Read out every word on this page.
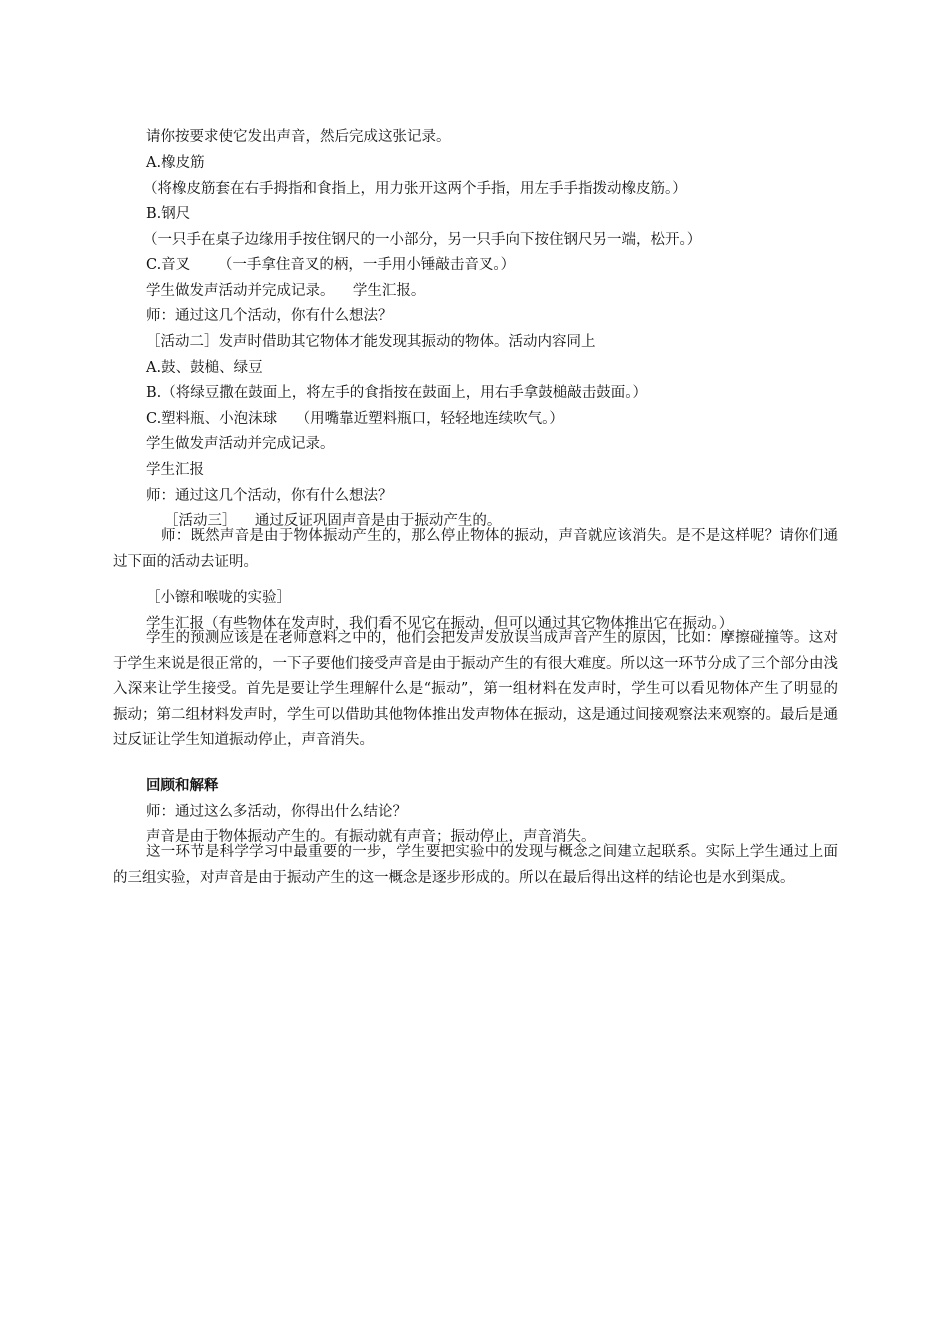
请你按要求使它发出声音，然后完成这张记录。
A.橡皮筋
（将橡皮筋套在右手拇指和食指上，用力张开这两个手指，用左手手指拨动橡皮筋。）
B.钢尺
（一只手在桌子边缘用手按住钢尺的一小部分，另一只手向下按住钢尺另一端，松开。）
C.音叉      （一手拿住音叉的柄，一手用小锤敲击音叉。）
学生做发声活动并完成记录。    学生汇报。
师：通过这几个活动，你有什么想法？
［活动二］发声时借助其它物体才能发现其振动的物体。活动内容同上
A.鼓、鼓槌、绿豆
B.（将绿豆撒在鼓面上，将左手的食指按在鼓面上，用右手拿鼓槌敲击鼓面。）
C.塑料瓶、小泡沫球    （用嘴靠近塑料瓶口，轻轻地连续吹气。）
学生做发声活动并完成记录。
学生汇报
师：通过这几个活动，你有什么想法？
［活动三］    通过反证巩固声音是由于振动产生的。
师：既然声音是由于物体振动产生的，那么停止物体的振动，声音就应该消失。是不是这样呢？请你们通过下面的活动去证明。
［小镲和喉咙的实验］
学生汇报（有些物体在发声时，我们看不见它在振动，但可以通过其它物体推出它在振动。）
学生的预测应该是在老师意料之中的，他们会把发声发放误当成声音产生的原因，比如：摩擦碰撞等。这对于学生来说是很正常的，一下子要他们接受声音是由于振动产生的有很大难度。所以这一环节分成了三个部分由浅入深来让学生接受。首先是要让学生理解什么是“振动”，第一组材料在发声时，学生可以看见物体产生了明显的振动；第二组材料发声时，学生可以借助其他物体推出发声物体在振动，这是通过间接观察法来观察的。最后是通过反证让学生知道振动停止，声音消失。
回顾和解释
师：通过这么多活动，你得出什么结论？
声音是由于物体振动产生的。有振动就有声音；振动停止，声音消失。
这一环节是科学学习中最重要的一步，学生要把实验中的发现与概念之间建立起联系。实际上学生通过上面的三组实验，对声音是由于振动产生的这一概念是逐步形成的。所以在最后得出这样的结论也是水到渠成。
